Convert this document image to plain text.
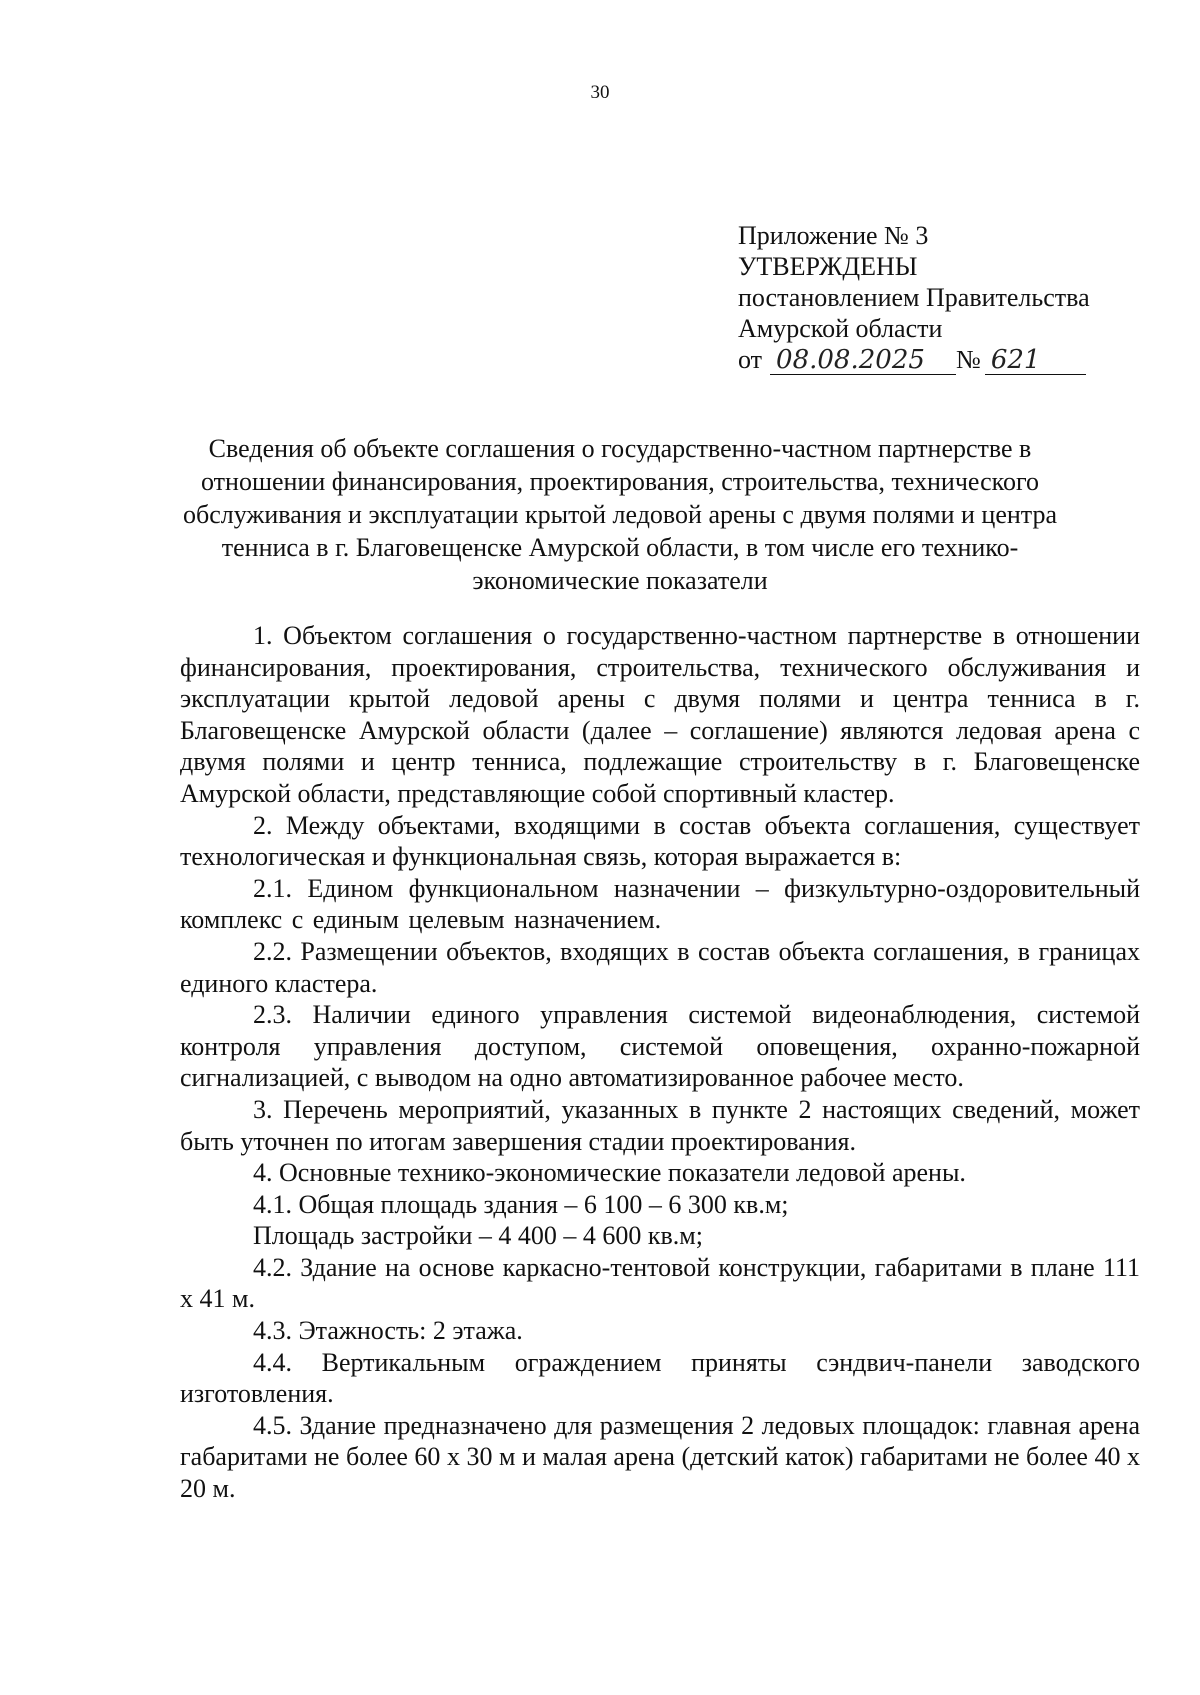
30
Приложение № 3
УТВЕРЖДЕНЫ
постановлением Правительства
Амурской области
от 08.08.2025	№ 621
Сведения об объекте соглашения о государственно-частном партнерстве в отношении финансирования, проектирования, строительства, технического обслуживания и эксплуатации крытой ледовой арены с двумя полями и центра тенниса в г. Благовещенске Амурской области, в том числе его технико-экономические показатели

1. Объектом соглашения о государственно-частном партнерстве в отношении финансирования, проектирования, строительства, технического обслуживания и эксплуатации крытой ледовой арены с двумя полями и центра тенниса в г. Благовещенске Амурской области (далее – соглашение) являются ледовая арена с двумя полями и центр тенниса, подлежащие строительству в г. Благовещенске Амурской области, представляющие собой спортивный кластер.

2. Между объектами, входящими в состав объекта соглашения, существует технологическая и функциональная связь, которая выражается в:

2.1. Едином функциональном назначении – физкультурно-оздоровительный комплекс с единым целевым назначением.

2.2. Размещении объектов, входящих в состав объекта соглашения, в границах единого кластера.

2.3. Наличии единого управления системой видеонаблюдения, системой контроля управления доступом, системой оповещения, охранно-пожарной сигнализацией, с выводом на одно автоматизированное рабочее место.

3. Перечень мероприятий, указанных в пункте 2 настоящих сведений, может быть уточнен по итогам завершения стадии проектирования.

4. Основные технико-экономические показатели ледовой арены.

4.1. Общая площадь здания – 6 100 – 6 300 кв.м;

Площадь застройки – 4 400 – 4 600 кв.м;

4.2. Здание на основе каркасно-тентовой конструкции, габаритами в плане 111 х 41 м.

4.3. Этажность: 2 этажа.

4.4. Вертикальным ограждением приняты сэндвич-панели заводского изготовления.

4.5. Здание предназначено для размещения 2 ледовых площадок: главная арена габаритами не более 60 х 30 м и малая арена (детский каток) габаритами не более 40 х 20 м.
